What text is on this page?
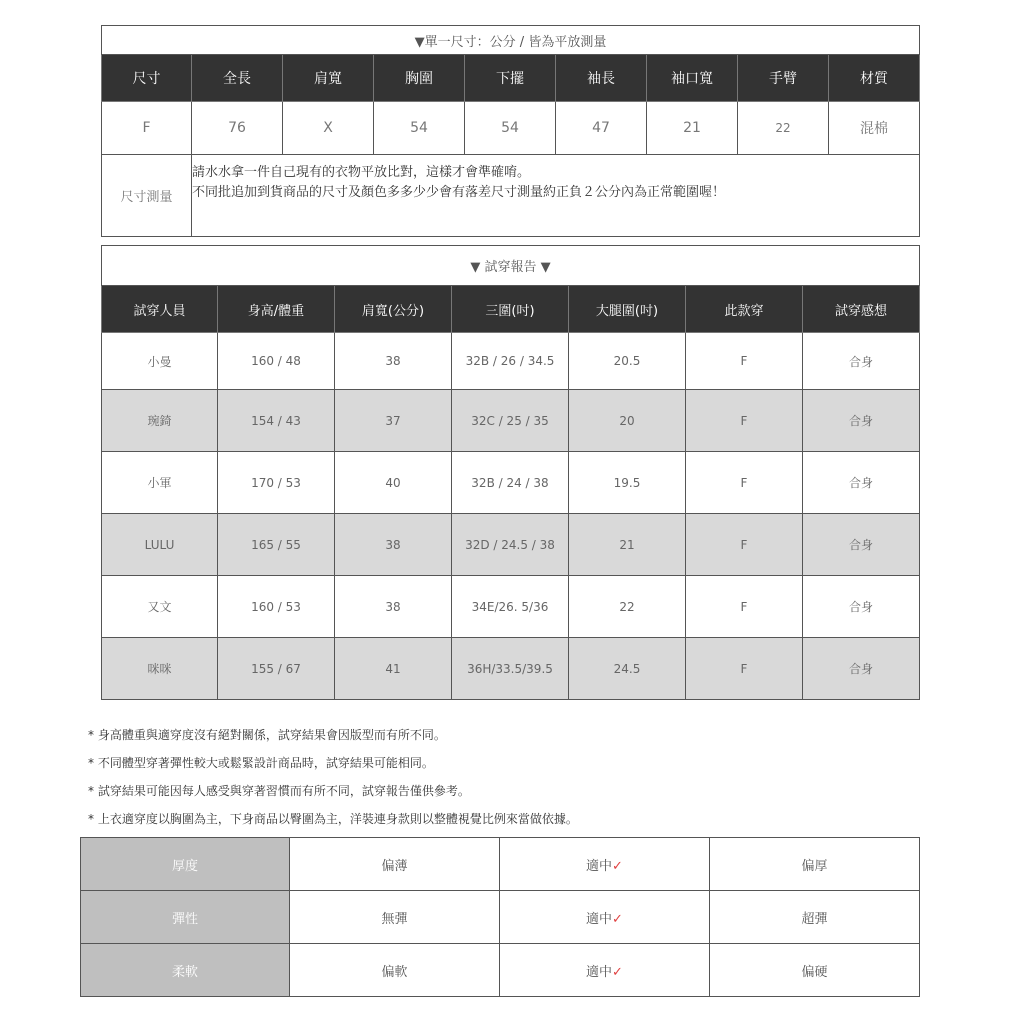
▼單一尺寸：公分 / 皆為平放測量								
尺寸	全長	肩寬	胸圍	下擺	袖長	袖口寬	手臂	材質
F	76	X	54	54	47	21	22	混棉
尺寸測量	請水水拿一件自己現有的衣物平放比對，這樣才會準確唷。
不同批追加到貨商品的尺寸及顏色多多少少會有落差尺寸測量約正負２公分內為正常範圍喔！							
▼ 試穿報告 ▼						
試穿人員	身高/體重	肩寬(公分)	三圍(吋)	大腿圍(吋)	此款穿	試穿感想
小曼	160 / 48	38	32B / 26 / 34.5	20.5	F	合身
琬錡	154 / 43	37	32C / 25 / 35	20	F	合身
小軍	170 / 53	40	32B / 24 / 38	19.5	F	合身
LULU	165 / 55	38	32D / 24.5 / 38	21	F	合身
又文	160 / 53	38	34E/26. 5/36	22	F	合身
咪咪	155 / 67	41	36H/33.5/39.5	24.5	F	合身
* 身高體重與適穿度沒有絕對關係，試穿結果會因版型而有所不同。
* 不同體型穿著彈性較大或鬆緊設計商品時，試穿結果可能相同。
* 試穿結果可能因每人感受與穿著習慣而有所不同，試穿報告僅供參考。
* 上衣適穿度以胸圍為主，下身商品以臀圍為主，洋裝連身款則以整體視覺比例來當做依據。
厚度	偏薄	適中✓	偏厚
彈性	無彈	適中✓	超彈
柔軟	偏軟	適中✓	偏硬
